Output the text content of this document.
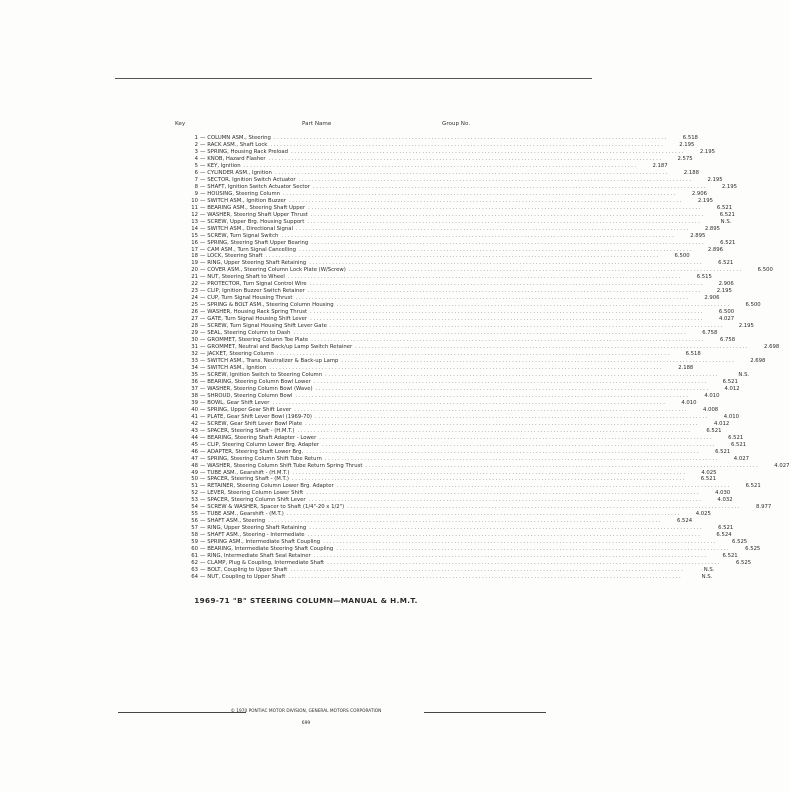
Key	Part Name	Group No.
1 — COLUMN ASM., Steering ........................................................................................................................	6.518
2 — RACK ASM., Shaft Lock ........................................................................................................................	2.195
3 — SPRING, Housing Rack Preload ........................................................................................................................	2.195
4 — KNOB, Hazard Flasher ........................................................................................................................	2.575
5 — KEY, Ignition ........................................................................................................................	2.187
6 — CYLINDER ASM., Ignition ........................................................................................................................	2.188
7 — SECTOR, Ignition Switch Actuator ........................................................................................................................	2.195
8 — SHAFT, Ignition Switch Actuator Sector ........................................................................................................................	2.195
9 — HOUSING, Steering Column ........................................................................................................................	2.906
10 — SWITCH ASM., Ignition Buzzer ........................................................................................................................	2.195
11 — BEARING ASM., Steering Shaft Upper ........................................................................................................................	6.521
12 — WASHER, Steering Shaft Upper Thrust ........................................................................................................................	6.521
13 — SCREW, Upper Brg. Housing Support ........................................................................................................................	N.S.
14 — SWITCH ASM., Directional Signal ........................................................................................................................	2.895
15 — SCREW, Turn Signal Switch ........................................................................................................................	2.895
16 — SPRING, Steering Shaft Upper Bearing ........................................................................................................................	6.521
17 — CAM ASM., Turn Signal Cancelling ........................................................................................................................	2.896
18 — LOCK, Steering Shaft ........................................................................................................................	6.500
19 — RING, Upper Steering Shaft Retaining ........................................................................................................................	6.521
20 — COVER ASM., Steering Column Lock Plate (W/Screw) ........................................................................................................................	6.500
21 — NUT, Steering Shaft to Wheel ........................................................................................................................	6.515
22 — PROTECTOR, Turn Signal Control Wire ........................................................................................................................	2.906
23 — CLIP, Ignition Buzzer Switch Retainer ........................................................................................................................	2.195
24 — CUP, Turn Signal Housing Thrust ........................................................................................................................	2.906
25 — SPRING & BOLT ASM., Steering Column Housing ........................................................................................................................	6.500
26 — WASHER, Housing Rack Spring Thrust ........................................................................................................................	6.500
27 — GATE, Turn Signal Housing Shift Lever ........................................................................................................................	4.027
28 — SCREW, Turn Signal Housing Shift Lever Gate ........................................................................................................................	2.195
29 — SEAL, Steering Column to Dash ........................................................................................................................	6.758
30 — GROMMET, Steering Column Toe Plate ........................................................................................................................	6.758
31 — GROMMET, Neutral and Back/up Lamp Switch Retainer ........................................................................................................................	2.698
32 — JACKET, Steering Column ........................................................................................................................	6.518
33 — SWITCH ASM., Trans. Neutralizer & Back-up Lamp ........................................................................................................................	2.698
34 — SWITCH ASM., Ignition ........................................................................................................................	2.188
35 — SCREW, Ignition Switch to Steering Column ........................................................................................................................	N.S.
36 — BEARING, Steering Column Bowl Lower ........................................................................................................................	6.521
37 — WASHER, Steering Column Bowl (Wave) ........................................................................................................................	4.012
38 — SHROUD, Steering Column Bowl ........................................................................................................................	4.010
39 — BOWL, Gear Shift Lever ........................................................................................................................	4.010
40 — SPRING, Upper Gear Shift Lever ........................................................................................................................	4.008
41 — PLATE, Gear Shift Lever Bowl (1969-70) ........................................................................................................................	4.010
42 — SCREW, Gear Shift Lever Bowl Plate ........................................................................................................................	4.012
43 — SPACER, Steering Shaft - (H.M.T.) ........................................................................................................................	6.521
44 — BEARING, Steering Shaft Adapter - Lower ........................................................................................................................	6.521
45 — CLIP, Steering Column Lower Brg. Adapter ........................................................................................................................	6.521
46 — ADAPTER, Steering Shaft Lower Brg. ........................................................................................................................	6.521
47 — SPRING, Steering Column Shift Tube Return ........................................................................................................................	4.027
48 — WASHER, Steering Column Shift Tube Return Spring Thrust ........................................................................................................................	4.027
49 — TUBE ASM., Gearshift - (H.M.T.) ........................................................................................................................	4.025
50 — SPACER, Steering Shaft - (M.T.) ........................................................................................................................	6.521
51 — RETAINER, Steering Column Lower Brg. Adapter ........................................................................................................................	6.521
52 — LEVER, Steering Column Lower Shift ........................................................................................................................	4.030
53 — SPACER, Steering Column Shift Lever ........................................................................................................................	4.032
54 — SCREW & WASHER, Spacer to Shaft (1/4"-20 x 1/2") ........................................................................................................................	8.977
55 — TUBE ASM., Gearshift - (M.T.) ........................................................................................................................	4.025
56 — SHAFT ASM., Steering ........................................................................................................................	6.524
57 — RING, Upper Steering Shaft Retaining ........................................................................................................................	6.521
58 — SHAFT ASM., Steering - Intermediate ........................................................................................................................	6.524
59 — SPRING ASM., Intermediate Shaft Coupling ........................................................................................................................	6.525
60 — BEARING, Intermediate Steering Shaft Coupling ........................................................................................................................	6.525
61 — RING, Intermediate Shaft Seal Retainer ........................................................................................................................	6.521
62 — CLAMP, Plug & Coupling, Intermediate Shaft ........................................................................................................................	6.525
63 — BOLT, Coupling to Upper Shaft ........................................................................................................................	N.S.
64 — NUT, Coupling to Upper Shaft ........................................................................................................................	N.S.
1969-71 "B" STEERING COLUMN—MANUAL & H.M.T.
© 1970 PONTIAC MOTOR DIVISION, GENERAL MOTORS CORPORATION
699
